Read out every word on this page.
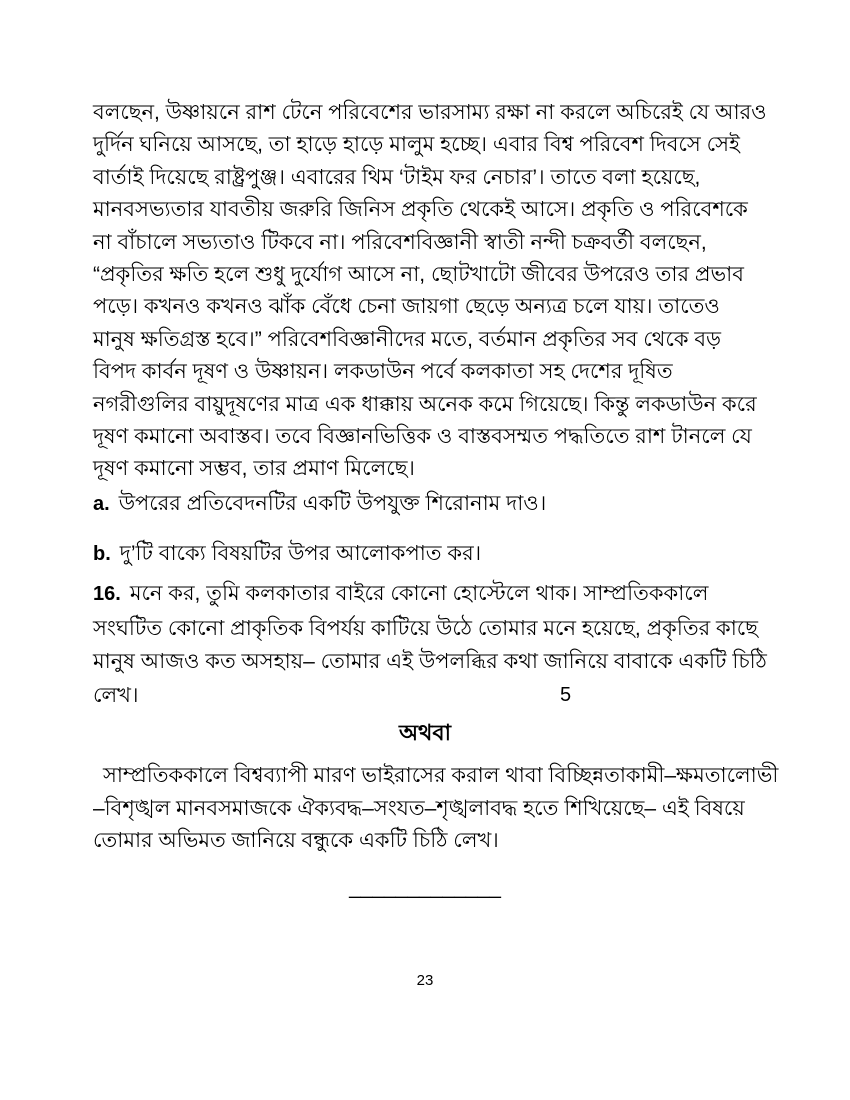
বলছেন, উষ্ণায়নে রাশ টেনে পরিবেশের ভারসাম্য রক্ষা না করলে অচিরেই যে আরও
দুর্দিন ঘনিয়ে আসছে, তা হাড়ে হাড়ে মালুম হচ্ছে। এবার বিশ্ব পরিবেশ দিবসে সেই
বার্তাই দিয়েছে রাষ্ট্রপুঞ্জ। এবারের থিম ‘টাইম ফর নেচার’। তাতে বলা হয়েছে,
মানবসভ্যতার যাবতীয় জরুরি জিনিস প্রকৃতি থেকেই আসে। প্রকৃতি ও পরিবেশকে
না বাঁচালে সভ্যতাও টিকবে না। পরিবেশবিজ্ঞানী স্বাতী নন্দী চক্রবর্তী বলছেন,
“প্রকৃতির ক্ষতি হলে শুধু দুর্যোগ আসে না, ছোটখাটো জীবের উপরেও তার প্রভাব
পড়ে। কখনও কখনও ঝাঁক বেঁধে চেনা জায়গা ছেড়ে অন্যত্র চলে যায়। তাতেও
মানুষ ক্ষতিগ্রস্ত হবে।” পরিবেশবিজ্ঞানীদের মতে, বর্তমান প্রকৃতির সব থেকে বড়
বিপদ কার্বন দূষণ ও উষ্ণায়ন। লকডাউন পর্বে কলকাতা সহ দেশের দূষিত
নগরীগুলির বায়ুদূষণের মাত্র এক ধাক্কায় অনেক কমে গিয়েছে। কিন্তু লকডাউন করে
দূষণ কমানো অবাস্তব। তবে বিজ্ঞানভিত্তিক ও বাস্তবসম্মত পদ্ধতিতে রাশ টানলে যে
দূষণ কমানো সম্ভব, তার প্রমাণ মিলেছে।
a. উপরের প্রতিবেদনটির একটি উপযুক্ত শিরোনাম দাও।
b. দু’টি বাক্যে বিষয়টির উপর আলোকপাত কর।
16. মনে কর, তুমি কলকাতার বাইরে কোনো হোস্টেলে থাক। সাম্প্রতিককালে
সংঘটিত কোনো প্রাকৃতিক বিপর্যয় কাটিয়ে উঠে তোমার মনে হয়েছে, প্রকৃতির কাছে
মানুষ আজও কত অসহায়– তোমার এই উপলব্ধির কথা জানিয়ে বাবাকে একটি চিঠি
লেখ।	5
অথবা
সাম্প্রতিককালে বিশ্বব্যাপী মারণ ভাইরাসের করাল থাবা বিচ্ছিন্নতাকামী–ক্ষমতালোভী
–বিশৃঙ্খল মানবসমাজকে ঐক্যবদ্ধ–সংযত–শৃঙ্খলাবদ্ধ হতে শিখিয়েছে– এই বিষয়ে
তোমার অভিমত জানিয়ে বন্ধুকে একটি চিঠি লেখ।
_____________
23
